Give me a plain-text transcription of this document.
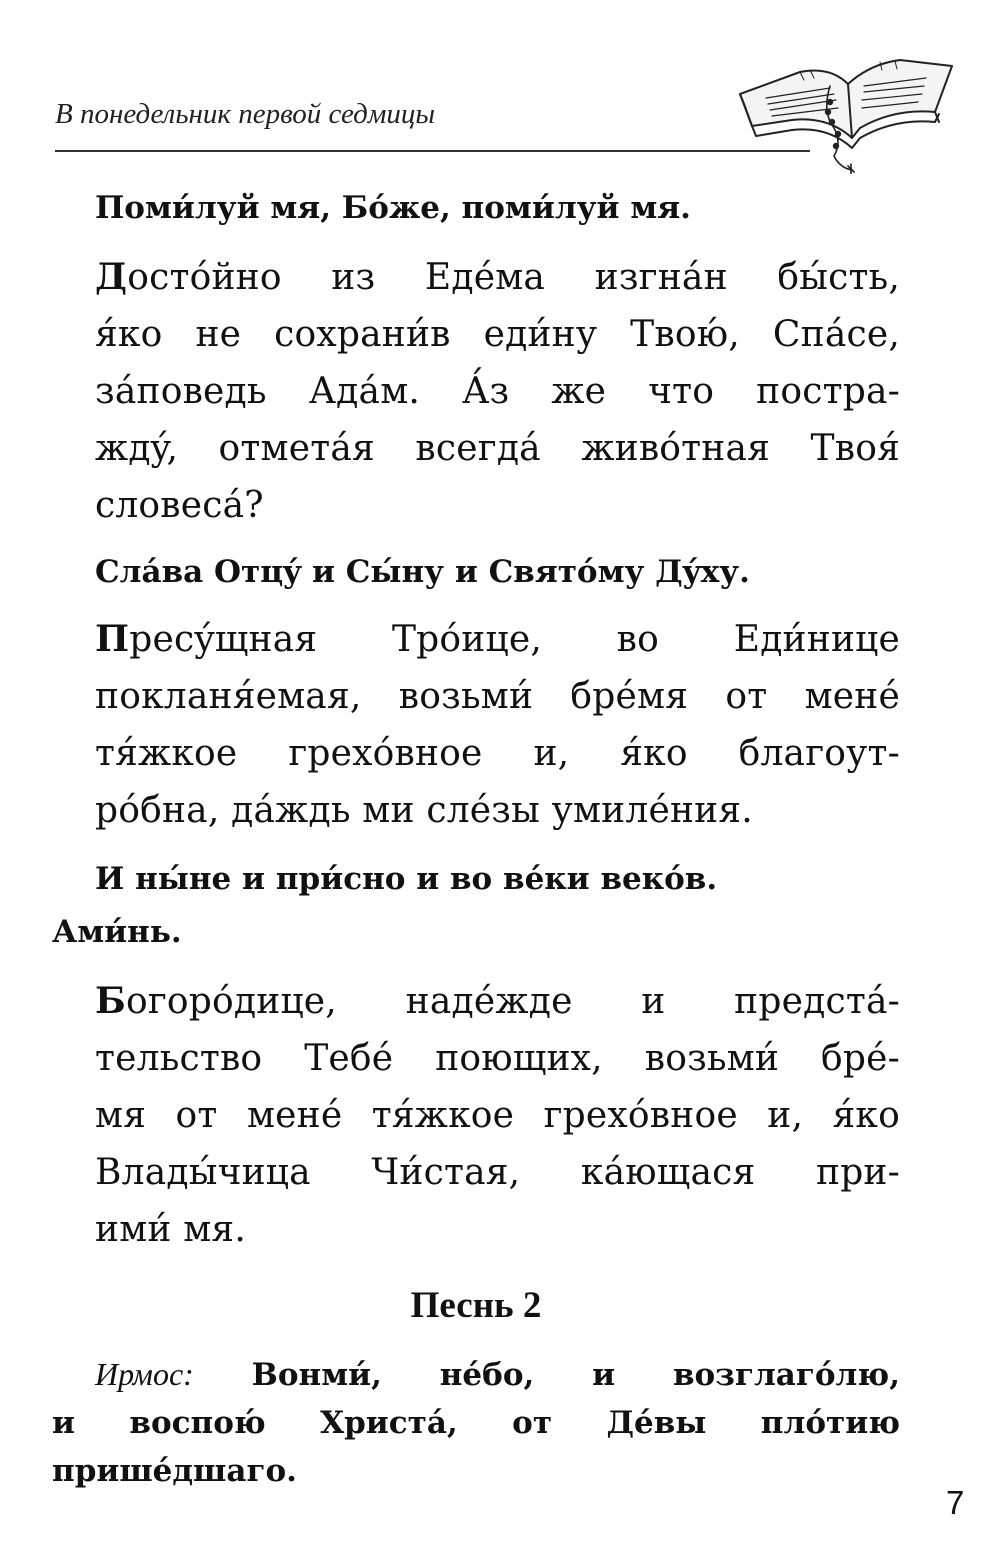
В понедельник первой седмицы

Поми́луй мя, Бо́же, поми́луй мя.

Достóйно из Едéма изгнáн бы́сть,
я́ко не сохрани́в еди́ну Твою́, Спáсе,
зáповедь Адáм. А́з же что постра-
ждý, отметáя всегдá живóтная Твоя́
словесá?

Слáва Отцý и Сы́ну и Святóму Дýху.

Пресýщная Трóице, во Еди́нице
покланя́емая, возьми́ брéмя от менé
тя́жкое грехóвное и, я́ко благоут-
рóбна, дáждь ми слéзы умилéния.

И ны́не и при́сно и во вéки векóв.

Ами́нь.

Богорóдице, надéжде и предстá-
тельство Тебé поющих, возьми́ брé-
мя от менé тя́жкое грехóвное и, я́ко
Влады́чица Чи́стая, кáющася при-
ими́ мя.

Песнь 2

Ирмос: Вонми́, нéбо, и возглагóлю,
и воспою́ Христá, от Дéвы плóтию
пришéдшаго.

7
